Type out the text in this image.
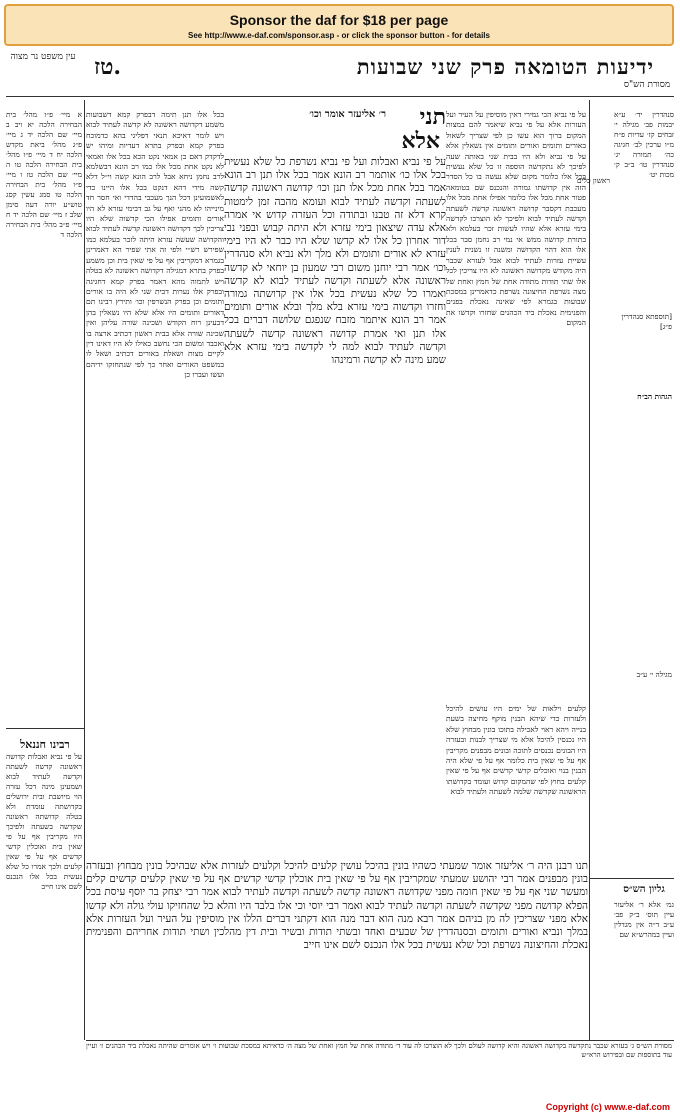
Sponsor the daf for $18 per page
See http://www.e-daf.com/sponsor.asp - or click the sponsor button - for details
עין משפט נר מצוה טז.	ידיעות הטומאה פרק שני שבועות
מסורת הש"ס
א מיי׳ פ״ו מהל׳ בית הבחירה הלכה יא ויב ב מיי׳ שם הלכה יד ג מיי׳ פ״ג מהל׳ ביאת מקדש הלכה יח ד מיי׳ פ״ו מהל׳ בית הבחירה הלכה טו ה מיי׳ שם הלכה טז ו מיי׳ פ״ו מהל׳ בית הבחירה הלכה טו סמג עשין קסג טוש״ע יורה דעה סימן שלב ז מיי׳ שם הלכה יד ח מיי׳ פ״ב מהל׳ בית הבחירה הלכה ד
רבינו חננאל
על פי נביא ואבלות קדושה ראשונה קדשה לשעתה וקדשה לעתיד לבוא ושמעינן מינה דכל עזרה הוי מיושבת ובית ירושלים בקדושתה עומדת ולא בטלה קדושתה ראשונה שקדשה בשעתה ולפיכך היו מקריבין אף על פי שאין בית ואוכלין קדשי קדשים אף על פי שאין קלעים ולכך אמרו כל שלא נעשית בכל אלו הנכנס לשם אינו חייב
בכל אלו תנן תימה דבפרק קמא דשבועות משמע דקדושה ראשונה לא קדשה לעתיד לבוא ויש לומר דאיכא תנאי דפליגי בהא כדמוכח בפרק קמא ובפרק בתרא דעדיות ומיהו יש לדקדק דאם כן אמאי נקט הכא בכל אלו ואמאי לא נקט אחת מכל אלו כמו רב הונא דבשלמא לרב נחמן ניחא אבל לרב הונא קשה וי״ל דלא קשה מידי דהא דנקט בכל אלו היינו כדי לאשמועינן דכל הנך מעכבי בהדדי ואי חסר חד מינייהו לא מהני ואף על גב דבימי עזרא לא היו אורים ותומים אפילו הכי קדשוה שלא היו צריכין לכך דקדושה ראשונה קדשה לעתיד לבוא והקדושה שעשה עזרא היתה לזכר בעלמא כמו שפירש רש״י ולפי זה אתי שפיר הא דאמרינן בגמרא דמקריבין אף על פי שאין בית וכן משמע בפרק בתרא דמגילה דקדושה ראשונה לא בטלה ויש לתמוה מהא דאמר בפרק קמא דחגיגה ובפרק אלו נערות דבית שני לא היה בו אורים ותומים וכן בפרק הנשרפין וכו׳ ותירץ רבינו תם דאורים ותומים היו אלא שלא היו נשאלין בהן דבעינן רוח הקודש ושכינה שורה עליהן ואין שכינה שורה אלא בבית ראשון דכתיב ארצה בו ואכבד ומשום הכי נחשב כאילו לא היו דאינו דין לקיים מצות ושאלת באורים דכתיב ושאל לו במשפט האורים ואחר כך לפי שנתחזקו ידיהם ועשו ועברו כן
תני
אלא
ר׳ אליעזר אומר וכו׳
על פי נביא ואבלות ועל פי נביא נשרפת כל שלא נעשית בכל אלו כו׳ אותמר רב הונא אמר בכל אלו תנן רב הונא אמר בכל אחת מכל אלו תנן וכו׳ קדושה ראשונה קדשה לשעתה וקדשה לעתיד לבוא ועומא מהבה זמן לימטות קרא דלא זה טבנו ובתודה וכל העזרה קדוש אי אמרה אלא עדה שיצאון בימי עזרא ולא היתה קבוש ובפני נבי דור אחרון כל אלו לא קדשו שלא היו כבר לא היו בימי עזרא לא אורים ותומים ולא מלך ולא נביא ולא סנהדרין וכו׳ אמר רבי יוחנן משום רבי שמעון בן יוחאי לא קדשה ראשונה אלא לשעתה וקדשה לעתיד לבוא לא קדשה ואמרו כל שלא נעשית בכל אלו אין קדושתה גמורה וחזרו וקדשוה בימי עזרא בלא מלך ובלא אורים ותומים אמר רב הונא איתמר מזבח שנפגם שלושה דברים בכל אלו תנן ואי אמרת קדושה ראשונה קדשה לשעתה וקדשה לעתיד לבוא למה לי לקדשה בימי עזרא אלא שמע מינה לא קדשה ורמינהו
על פי נביא הכי גמירי דאין מוסיפין על העיר ועל העזרות אלא על פי נביא שיאמר להם במצות המקום ברוך הוא עשו כן לפי שצריך לשאול באורים ותומים ואורים ותומים אין נשאלין אלא על פי נביא ולא היו בבית שני באותה שעה לפיכך לא נתקדשה הוספה זו כל שלא נעשית בכל אלו כלומר מקום שלא נעשה בו כל הסדר הזה אין קדושתו גמורה והנכנס שם בטומאה פטור אחת מכל אלו כלומר אפילו אחת מכל אלו מעכבת דקסבר קדושה ראשונה קדשה לשעתה וקדשה לעתיד לבוא ולפיכך לא הוצרכו לקדשה בימי עזרא אלא שהיו לעשות זכר בעלמא ולא בתורת קדושה ממש אי נמי רב נחמן סבר בכל אלו הוא דהוי הקדושה ומשנה זו נשנית לענין עשיית עזרות לעתיד לבוא אבל לעזרא שכבר היה מקודש מקדושה ראשונה לא היו צריכין לכל אלו שתי תודות מתודה אחת של חמץ ואחת של מצה נשרפת החיצונה נשרפת כדאמרינן במסכת שבועות בגמרא לפי שאינה נאכלת בפנים והפנימית נאכלת ביד הכהנים שחזרו וקדשו את המקום
קלעים וילאות של ימים היו עושים להיכל ולעזרות כדי שיהא הבנין מוקף מחיצה בשעת בנייה ויהא ראוי לאכילה בתוכו בונין מבחוץ שלא היו נכנסין להיכל אלא מי שצריך לבנות ובעזרה היו הבונים נכנסים לתוכה ובונים מבפנים מקריבין אף על פי שאין בית כלומר אף על פי שלא היה הבנין בנוי ואוכלים קדשי קדשים אף על פי שאין קלעים בחוץ לפי שהמקום קדוש ועומד בקדושתו הראשונה שקדשה שלמה לשעתה ולעתיד לבוא
תנו רבנן היה ר׳ אליעזר אומר שמעתי כשהיו בונין בהיכל עושין קלעים להיכל וקלעים לעזרות אלא שבהיכל בונין מבחוץ ובעזרה בונין מבפנים אמר רבי יהושע שמעתי שמקריבין אף על פי שאין בית אוכלין קדשי קדשים אף על פי שאין קלעים קדשים קלים ומעשר שני אף על פי שאין חומה מפני שקדושה ראשונה קדשה לשעתה וקדשה לעתיד לבוא אמר רבי יצחק בר יוסף עיסת בכל הפלא קדושה מפני שקדשה לשעתה וקדשה לעתיד לבוא ואמר רבי יוסי וכי אלו בלבד היו והלא כל שהחזיקו עולי גולה ולא קדשו אלא מפני שצריכין לה מן בניהם אמר רבא מנה הוא דבר מנה הוא דקתני דברים הללו אין מוסיפין על העיר ועל העזרות אלא במלך ונביא ואורים ותומים ובסנהדרין של שבעים ואחד ובשתי תודות ובשיר ובית דין מהלכין ושתי תודות אחריהם והפנימית נאכלת והחיצונה נשרפת וכל שלא נעשית בכל אלו הנכנס לשם אינו חייב
סנהדרין יד׳ ע״א יבמות פב׳ מגילה י׳ זבחים קז׳ עדיות פ״ח מ״ו ערכין לב׳ חגיגה כה׳ תמורה יג׳ סנהדרין טו׳ ב״ב ק׳ מכות יט׳
גליון הש״ס
גמ׳ אלא ר׳ אליעזר עיין תוס׳ ב״ק פב׳ ע״ב ד״ה אין מגדלין ועיין במהרש״א שם
ראשון כלים
מגילה י׳ ע״ב
[תוספתא סנהדרין פ״ג]
הגהות הב״ח
מסורת הש״ס ג׳ בעזרא שכבר נתקדשה בקדושה ראשונה והיא קדושה לעולם ולכך לא הוצרכו לה עוד ד׳ מתודה אחת של חמץ ואחת של מצה ה׳ כדאיתא במסכת שבועות ו׳ ויש אומרים שהיתה נאכלת ביד הכהנים ז׳ ועיין עוד בתוספות שם ובפירוש הרא״ש
Copyright (c) www.e-daf.com
